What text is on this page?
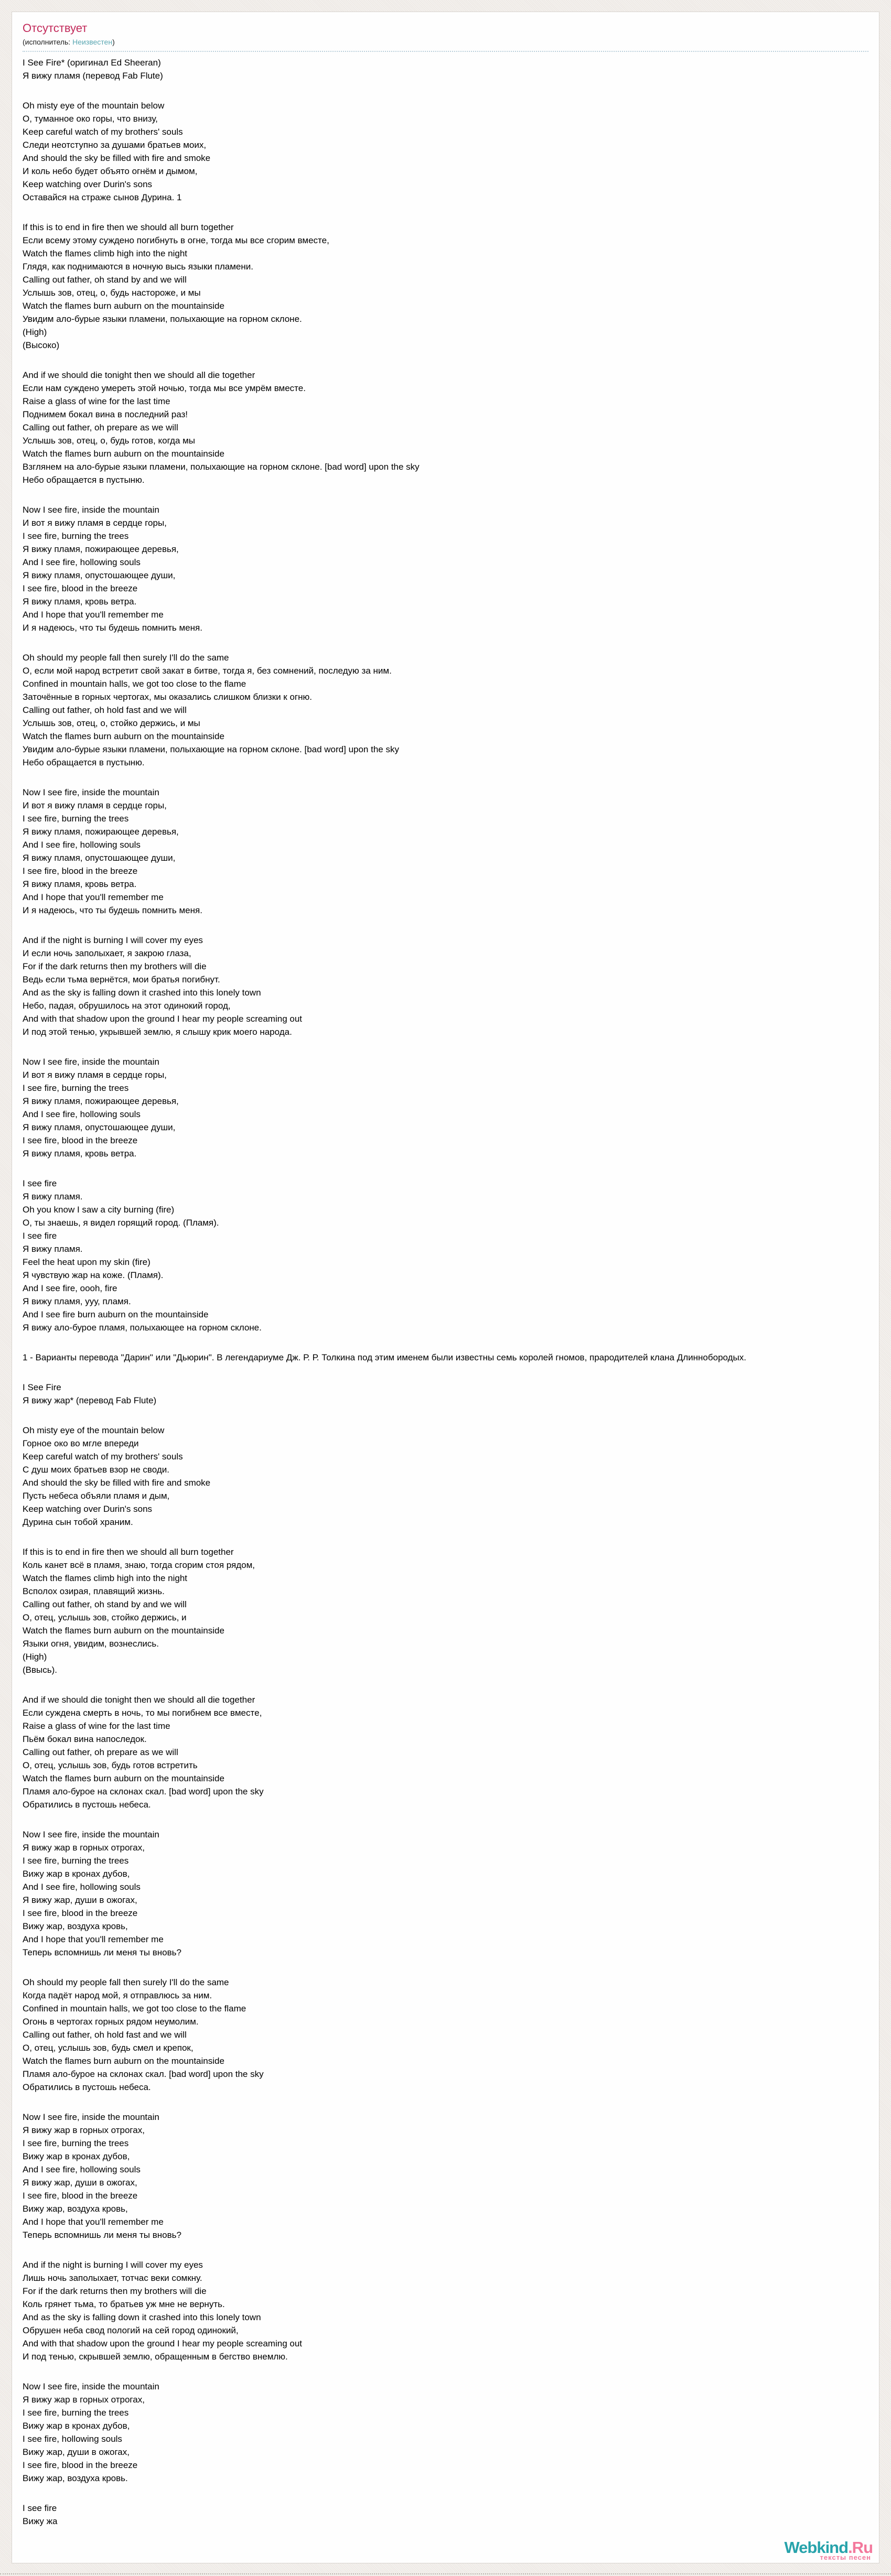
Отсутствует
(исполнитель: Неизвестен)
I See Fire* (оригинал Ed Sheeran)
Я вижу пламя (перевод Fab Flute)
Oh misty eye of the mountain below
О, туманное око горы, что внизу,
Keep careful watch of my brothers' souls
Следи неотступно за душами братьев моих,
And should the sky be filled with fire and smoke
И коль небо будет объято огнём и дымом,
Keep watching over Durin's sons
Оставайся на страже сынов Дурина. 1
If this is to end in fire then we should all burn together
Если всему этому суждено погибнуть в огне, тогда мы все сгорим вместе,
Watch the flames climb high into the night
Глядя, как поднимаются в ночную высь языки пламени.
Calling out father, oh stand by and we will
Услышь зов, отец, о, будь настороже, и мы
Watch the flames burn auburn on the mountainside
Увидим ало-бурые языки пламени, полыхающие на горном склоне.
(High)
(Высоко)
And if we should die tonight then we should all die together
Если нам суждено умереть этой ночью, тогда мы все умрём вместе.
Raise a glass of wine for the last time
Поднимем бокал вина в последний раз!
Calling out father, oh prepare as we will
Услышь зов, отец, о, будь готов, когда мы
Watch the flames burn auburn on the mountainside
Взглянем на ало-бурые языки пламени, полыхающие на горном склоне. [bad word] upon the sky
Небо обращается в пустыню.
Now I see fire, inside the mountain
И вот я вижу пламя в сердце горы,
I see fire, burning the trees
Я вижу пламя, пожирающее деревья,
And I see fire, hollowing souls
Я вижу пламя, опустошающее души,
I see fire, blood in the breeze
Я вижу пламя, кровь ветра.
And I hope that you'll remember me
И я надеюсь, что ты будешь помнить меня.
Oh should my people fall then surely I'll do the same
О, если мой народ встретит свой закат в битве, тогда я, без сомнений, последую за ним.
Confined in mountain halls, we got too close to the flame
Заточённые в горных чертогах, мы оказались слишком близки к огню.
Calling out father, oh hold fast and we will
Услышь зов, отец, о, стойко держись, и мы
Watch the flames burn auburn on the mountainside
Увидим ало-бурые языки пламени, полыхающие на горном склоне. [bad word] upon the sky
Небо обращается в пустыню.
Now I see fire, inside the mountain
И вот я вижу пламя в сердце горы,
I see fire, burning the trees
Я вижу пламя, пожирающее деревья,
And I see fire, hollowing souls
Я вижу пламя, опустошающее души,
I see fire, blood in the breeze
Я вижу пламя, кровь ветра.
And I hope that you'll remember me
И я надеюсь, что ты будешь помнить меня.
And if the night is burning I will cover my eyes
И если ночь заполыхает, я закрою глаза,
For if the dark returns then my brothers will die
Ведь если тьма вернётся, мои братья погибнут.
And as the sky is falling down it crashed into this lonely town
Небо, падая, обрушилось на этот одинокий город,
And with that shadow upon the ground I hear my people screaming out
И под этой тенью, укрывшей землю, я слышу крик моего народа.
Now I see fire, inside the mountain
И вот я вижу пламя в сердце горы,
I see fire, burning the trees
Я вижу пламя, пожирающее деревья,
And I see fire, hollowing souls
Я вижу пламя, опустошающее души,
I see fire, blood in the breeze
Я вижу пламя, кровь ветра.
I see fire
Я вижу пламя.
Oh you know I saw a city burning (fire)
О, ты знаешь, я видел горящий город. (Пламя).
I see fire
Я вижу пламя.
Feel the heat upon my skin (fire)
Я чувствую жар на коже. (Пламя).
And I see fire, oooh, fire
Я вижу пламя, ууу, пламя.
And I see fire burn auburn on the mountainside
Я вижу ало-бурое пламя, полыхающее на горном склоне.
1 - Варианты перевода "Дарин" или "Дьюрин". В легендариуме Дж. Р. Р. Толкина под этим именем были известны семь королей гномов, прародителей клана Длиннобородых.
I See Fire
Я вижу жар* (перевод Fab Flute)
Oh misty eye of the mountain below
Горное око во мгле впереди
Keep careful watch of my brothers' souls
С душ моих братьев взор не своди.
And should the sky be filled with fire and smoke
Пусть небеса объяли пламя и дым,
Keep watching over Durin's sons
Дурина сын тобой храним.
If this is to end in fire then we should all burn together
Коль канет всё в пламя, знаю, тогда сгорим стоя рядом,
Watch the flames climb high into the night
Всполох озирая, плавящий жизнь.
Calling out father, oh stand by and we will
О, отец, услышь зов, стойко держись, и
Watch the flames burn auburn on the mountainside
Языки огня, увидим, вознеслись.
(High)
(Ввысь).
And if we should die tonight then we should all die together
Если суждена смерть в ночь, то мы погибнем все вместе,
Raise a glass of wine for the last time
Пьём бокал вина напоследок.
Calling out father, oh prepare as we will
О, отец, услышь зов, будь готов встретить
Watch the flames burn auburn on the mountainside
Пламя ало-бурое на склонах скал. [bad word] upon the sky
Обратились в пустошь небеса.
Now I see fire, inside the mountain
Я вижу жар в горных отрогах,
I see fire, burning the trees
Вижу жар в кронах дубов,
And I see fire, hollowing souls
Я вижу жар, души в ожогах,
I see fire, blood in the breeze
Вижу жар, воздуха кровь,
And I hope that you'll remember me
Теперь вспомнишь ли меня ты вновь?
Oh should my people fall then surely I'll do the same
Когда падёт народ мой, я отправлюсь за ним.
Confined in mountain halls, we got too close to the flame
Огонь в чертогах горных рядом неумолим.
Calling out father, oh hold fast and we will
О, отец, услышь зов, будь смел и крепок,
Watch the flames burn auburn on the mountainside
Пламя ало-бурое на склонах скал. [bad word] upon the sky
Обратились в пустошь небеса.
Now I see fire, inside the mountain
Я вижу жар в горных отрогах,
I see fire, burning the trees
Вижу жар в кронах дубов,
And I see fire, hollowing souls
Я вижу жар, души в ожогах,
I see fire, blood in the breeze
Вижу жар, воздуха кровь,
And I hope that you'll remember me
Теперь вспомнишь ли меня ты вновь?
And if the night is burning I will cover my eyes
Лишь ночь заполыхает, тотчас веки сомкну.
For if the dark returns then my brothers will die
Коль грянет тьма, то братьев уж мне не вернуть.
And as the sky is falling down it crashed into this lonely town
Обрушен неба свод пологий на сей город одинокий,
And with that shadow upon the ground I hear my people screaming out
И под тенью, скрывшей землю, обращенным в бегство внемлю.
Now I see fire, inside the mountain
Я вижу жар в горных отрогах,
I see fire, burning the trees
Вижу жар в кронах дубов,
I see fire, hollowing souls
Вижу жар, души в ожогах,
I see fire, blood in the breeze
Вижу жар, воздуха кровь.
I see fire
Вижу жа
Webkind.Ru
тексты песен
